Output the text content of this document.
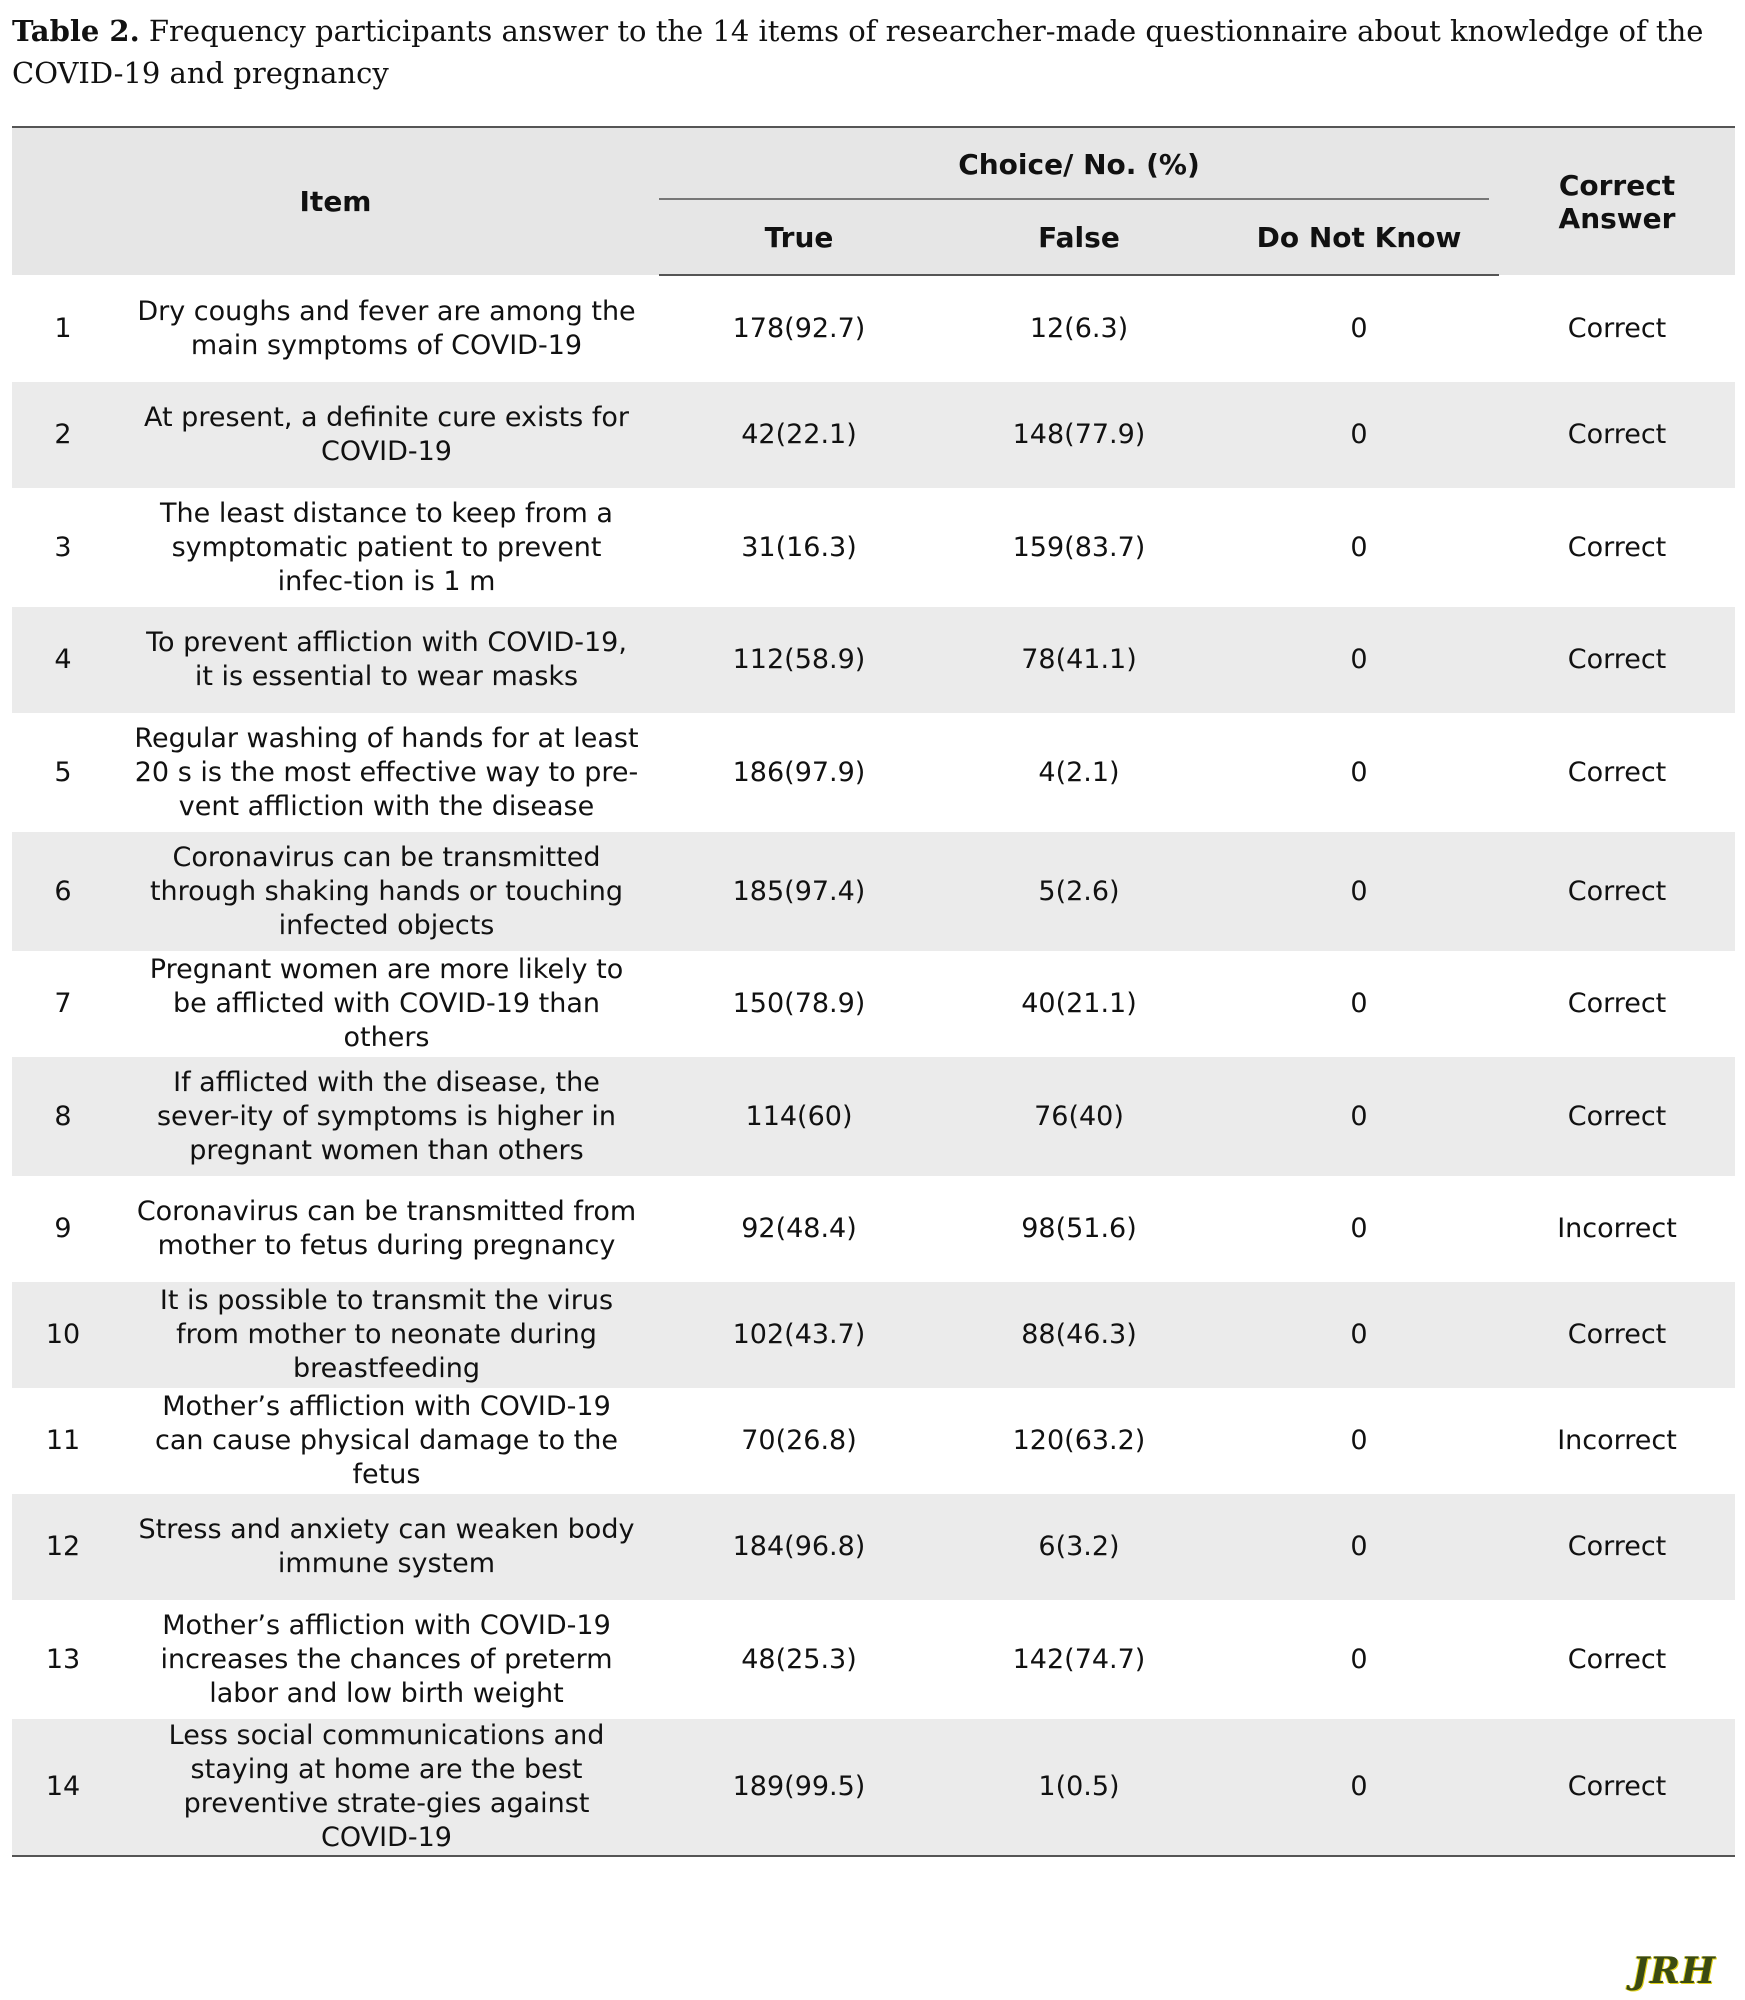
Table 2. Frequency participants answer to the 14 items of researcher-made questionnaire about knowledge of the COVID-19 and pregnancy
Item		Choice/ No. (%)			Correct Answer
		True	False	Do Not Know	
1	Dry coughs and fever are among the main symptoms of COVID-19	178(92.7)	12(6.3)	0	Correct
2	At present, a definite cure exists for COVID-19	42(22.1)	148(77.9)	0	Correct
3	The least distance to keep from a symptomatic patient to prevent infec-tion is 1 m	31(16.3)	159(83.7)	0	Correct
4	To prevent affliction with COVID-19, it is essential to wear masks	112(58.9)	78(41.1)	0	Correct
5	Regular washing of hands for at least 20 s is the most effective way to pre-vent affliction with the disease	186(97.9)	4(2.1)	0	Correct
6	Coronavirus can be transmitted through shaking hands or touching infected objects	185(97.4)	5(2.6)	0	Correct
7	Pregnant women are more likely to be afflicted with COVID-19 than others	150(78.9)	40(21.1)	0	Correct
8	If afflicted with the disease, the sever-ity of symptoms is higher in pregnant women than others	114(60)	76(40)	0	Correct
9	Coronavirus can be transmitted from mother to fetus during pregnancy	92(48.4)	98(51.6)	0	Incorrect
10	It is possible to transmit the virus from mother to neonate during breastfeeding	102(43.7)	88(46.3)	0	Correct
11	Mother’s affliction with COVID-19 can cause physical damage to the fetus	70(26.8)	120(63.2)	0	Incorrect
12	Stress and anxiety can weaken body immune system	184(96.8)	6(3.2)	0	Correct
13	Mother’s affliction with COVID-19 increases the chances of preterm labor and low birth weight	48(25.3)	142(74.7)	0	Correct
14	Less social communications and staying at home are the best preventive strate-gies against COVID-19	189(99.5)	1(0.5)	0	Correct
JRH
